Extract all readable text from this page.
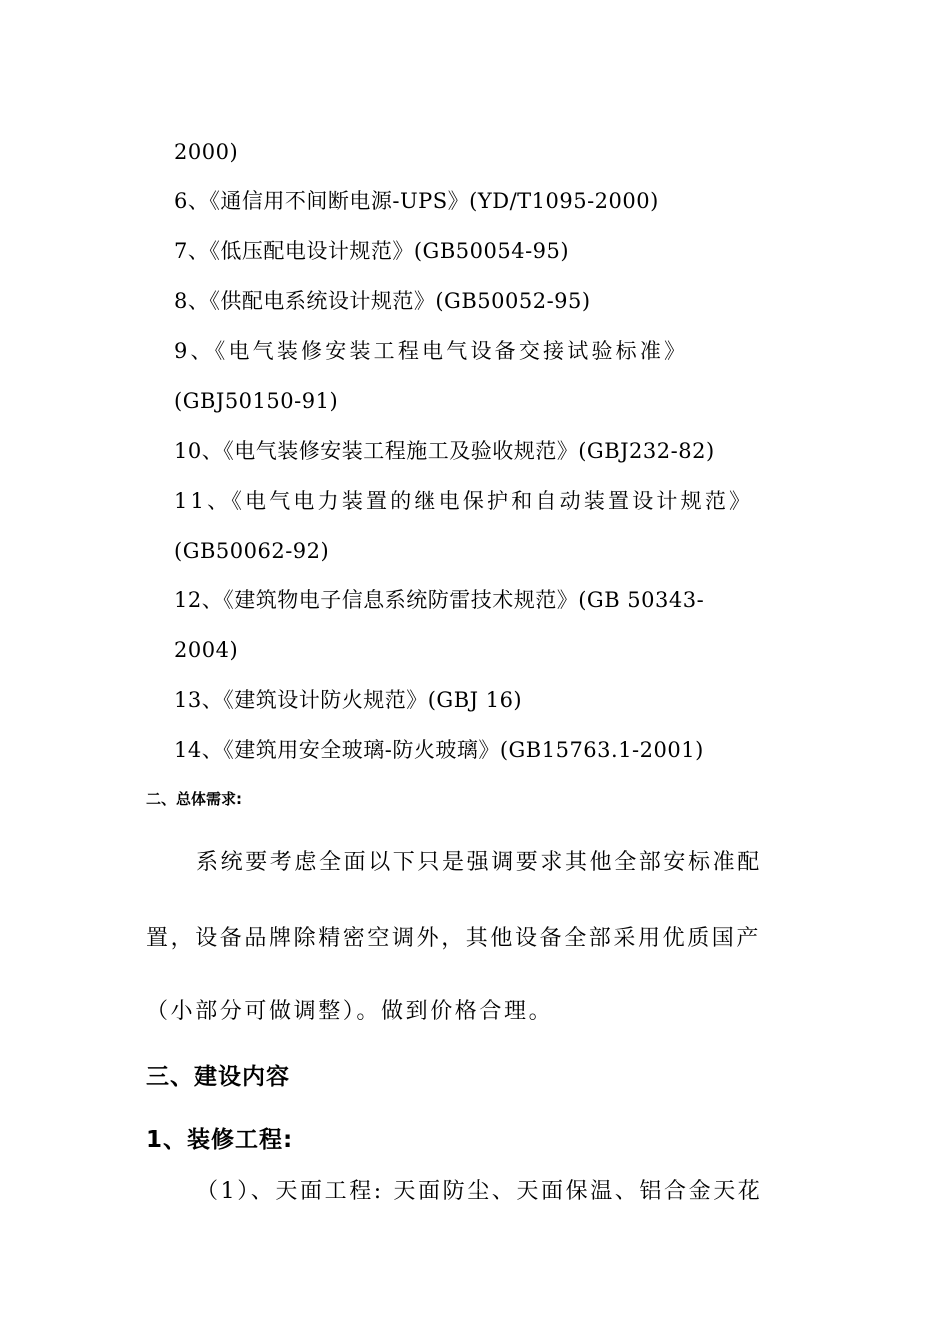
2000)
6、《通信用不间断电源-UPS》(YD/T1095-2000)
7、《低压配电设计规范》(GB50054-95)
8、《供配电系统设计规范》(GB50052-95)
9、《电气装修安装工程电气设备交接试验标准》
(GBJ50150-91)
10、《电气装修安装工程施工及验收规范》(GBJ232-82)
11、《电气电力装置的继电保护和自动装置设计规范》
(GB50062-92)
12、《建筑物电子信息系统防雷技术规范》(GB 50343-
2004)
13、《建筑设计防火规范》(GBJ 16)
14、《建筑用安全玻璃-防火玻璃》(GB15763.1-2001)
二、总体需求:
系统要考虑全面以下只是强调要求其他全部安标准配
置，设备品牌除精密空调外，其他设备全部采用优质国产
（小部分可做调整）。做到价格合理。
三、建设内容
1、装修工程:
（1）、天面工程: 天面防尘、天面保温、铝合金天花
